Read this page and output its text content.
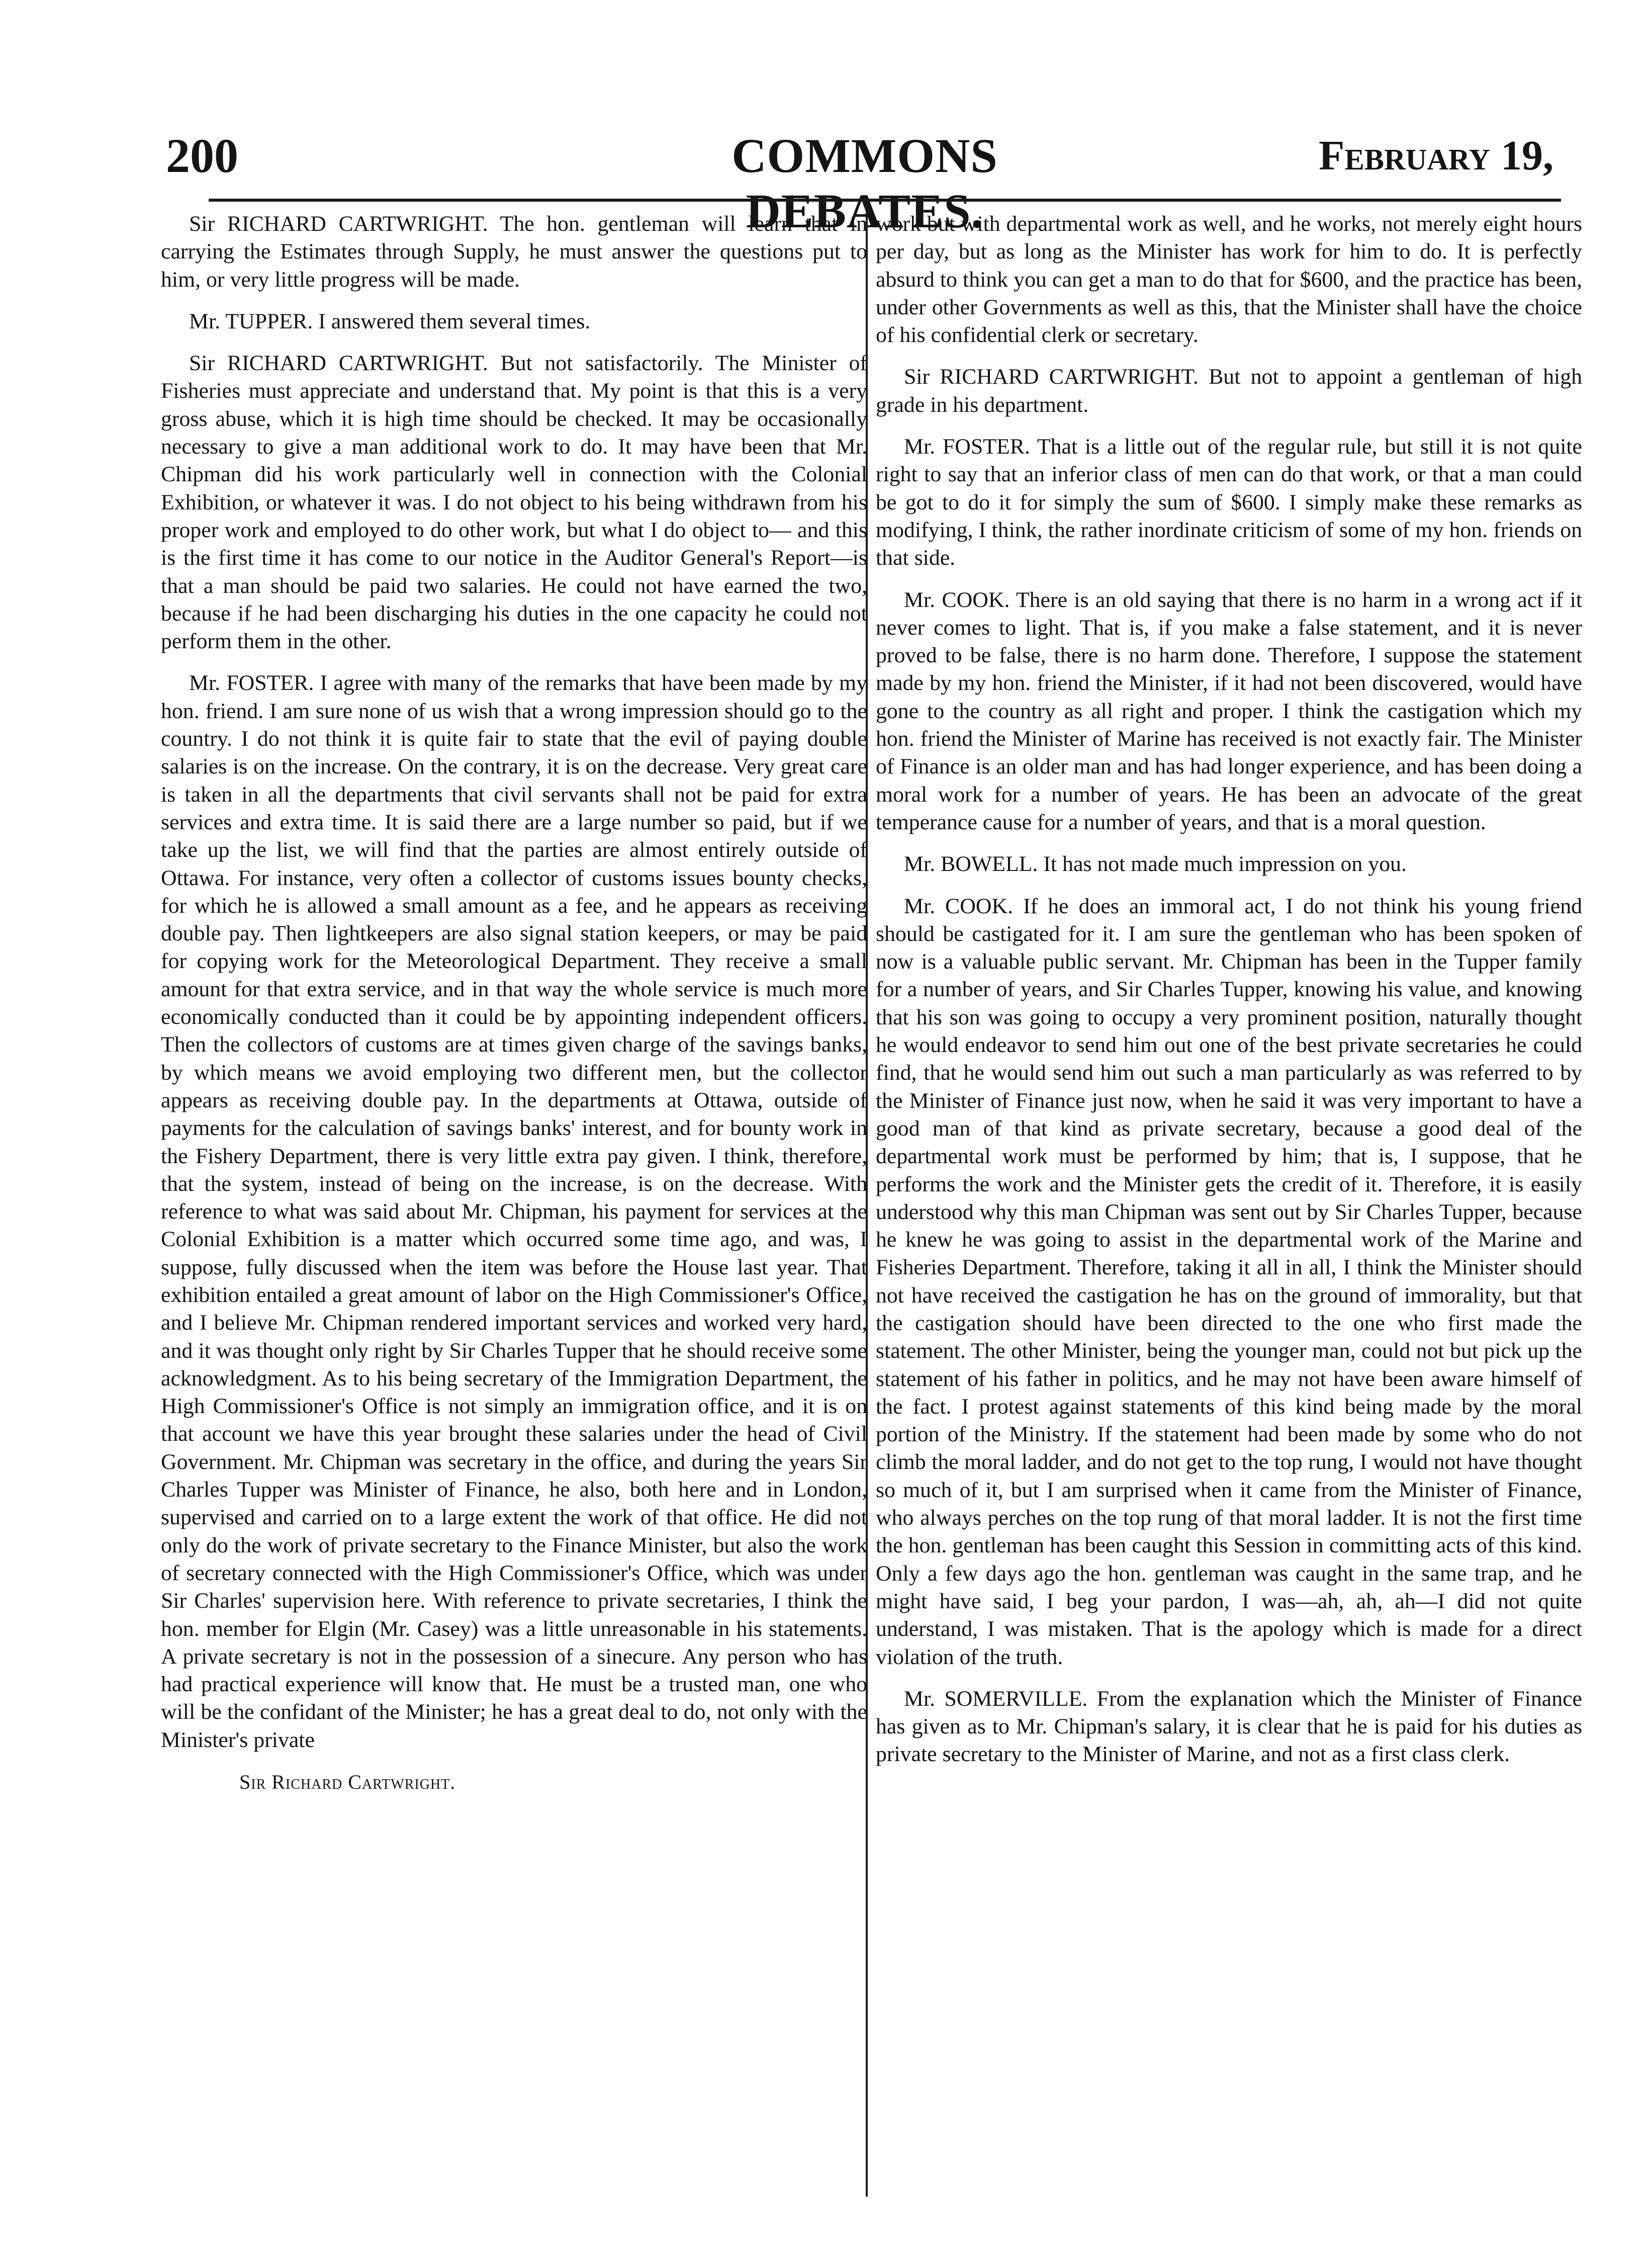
200	COMMONS DEBATES.
February 19,

Sir RICHARD CARTWRIGHT. The hon. gentleman will learn that in carrying the Estimates through Supply, he must answer the questions put to him, or very little progress will be made.

Mr. TUPPER. I answered them several times.

Sir RICHARD CARTWRIGHT. But not satisfactorily. The Minister of Fisheries must appreciate and understand that. My point is that this is a very gross abuse, which it is high time should be checked. It may be occasionally necessary to give a man additional work to do. It may have been that Mr. Chipman did his work particularly well in connection with the Colonial Exhibition, or whatever it was. I do not object to his being withdrawn from his proper work and employed to do other work, but what I do object to— and this is the first time it has come to our notice in the Auditor General's Report—is that a man should be paid two salaries. He could not have earned the two, because if he had been discharging his duties in the one capacity he could not perform them in the other.

Mr. FOSTER. I agree with many of the remarks that have been made by my hon. friend. I am sure none of us wish that a wrong impression should go to the country. I do not think it is quite fair to state that the evil of paying double salaries is on the increase. On the contrary, it is on the decrease. Very great care is taken in all the departments that civil servants shall not be paid for extra services and extra time. It is said there are a large number so paid, but if we take up the list, we will find that the parties are almost entirely outside of Ottawa. For instance, very often a collector of customs issues bounty checks, for which he is allowed a small amount as a fee, and he appears as receiving double pay. Then lightkeepers are also signal station keepers, or may be paid for copying work for the Meteorological Department. They receive a small amount for that extra service, and in that way the whole service is much more economically conducted than it could be by appointing independent officers. Then the collectors of customs are at times given charge of the savings banks, by which means we avoid employing two different men, but the collector appears as receiving double pay. In the departments at Ottawa, outside of payments for the calculation of savings banks' interest, and for bounty work in the Fishery Department, there is very little extra pay given. I think, therefore, that the system, instead of being on the increase, is on the decrease. With reference to what was said about Mr. Chipman, his payment for services at the Colonial Exhibition is a matter which occurred some time ago, and was, I suppose, fully discussed when the item was before the House last year. That exhibition entailed a great amount of labor on the High Commissioner's Office, and I believe Mr. Chipman rendered important services and worked very hard, and it was thought only right by Sir Charles Tupper that he should receive some acknowledgment. As to his being secretary of the Immigration Department, the High Commissioner's Office is not simply an immigration office, and it is on that account we have this year brought these salaries under the head of Civil Government. Mr. Chipman was secretary in the office, and during the years Sir Charles Tupper was Minister of Finance, he also, both here and in London, supervised and carried on to a large extent the work of that office. He did not only do the work of private secretary to the Finance Minister, but also the work of secretary connected with the High Commissioner's Office, which was under Sir Charles' supervision here. With reference to private secretaries, I think the hon. member for Elgin (Mr. Casey) was a little unreasonable in his statements. A private secretary is not in the possession of a sinecure. Any person who has had practical experience will know that. He must be a trusted man, one who will be the confidant of the Minister; he has a great deal to do, not only with the Minister's private

Sir Richard Cartwright.

work but with departmental work as well, and he works, not merely eight hours per day, but as long as the Minister has work for him to do. It is perfectly absurd to think you can get a man to do that for $600, and the practice has been, under other Governments as well as this, that the Minister shall have the choice of his confidential clerk or secretary.

Sir RICHARD CARTWRIGHT. But not to appoint a gentleman of high grade in his department.

Mr. FOSTER. That is a little out of the regular rule, but still it is not quite right to say that an inferior class of men can do that work, or that a man could be got to do it for simply the sum of $600. I simply make these remarks as modifying, I think, the rather inordinate criticism of some of my hon. friends on that side.

Mr. COOK. There is an old saying that there is no harm in a wrong act if it never comes to light. That is, if you make a false statement, and it is never proved to be false, there is no harm done. Therefore, I suppose the statement made by my hon. friend the Minister, if it had not been discovered, would have gone to the country as all right and proper. I think the castigation which my hon. friend the Minister of Marine has received is not exactly fair. The Minister of Finance is an older man and has had longer experience, and has been doing a moral work for a number of years. He has been an advocate of the great temperance cause for a number of years, and that is a moral question.

Mr. BOWELL. It has not made much impression on you.

Mr. COOK. If he does an immoral act, I do not think his young friend should be castigated for it. I am sure the gentleman who has been spoken of now is a valuable public servant. Mr. Chipman has been in the Tupper family for a number of years, and Sir Charles Tupper, knowing his value, and knowing that his son was going to occupy a very prominent position, naturally thought he would endeavor to send him out one of the best private secretaries he could find, that he would send him out such a man particularly as was referred to by the Minister of Finance just now, when he said it was very important to have a good man of that kind as private secretary, because a good deal of the departmental work must be performed by him; that is, I suppose, that he performs the work and the Minister gets the credit of it. Therefore, it is easily understood why this man Chipman was sent out by Sir Charles Tupper, because he knew he was going to assist in the departmental work of the Marine and Fisheries Department. Therefore, taking it all in all, I think the Minister should not have received the castigation he has on the ground of immorality, but that the castigation should have been directed to the one who first made the statement. The other Minister, being the younger man, could not but pick up the statement of his father in politics, and he may not have been aware himself of the fact. I protest against statements of this kind being made by the moral portion of the Ministry. If the statement had been made by some who do not climb the moral ladder, and do not get to the top rung, I would not have thought so much of it, but I am surprised when it came from the Minister of Finance, who always perches on the top rung of that moral ladder. It is not the first time the hon. gentleman has been caught this Session in committing acts of this kind. Only a few days ago the hon. gentleman was caught in the same trap, and he might have said, I beg your pardon, I was—ah, ah, ah—I did not quite understand, I was mistaken. That is the apology which is made for a direct violation of the truth.

Mr. SOMERVILLE. From the explanation which the Minister of Finance has given as to Mr. Chipman's salary, it is clear that he is paid for his duties as private secretary to the Minister of Marine, and not as a first class clerk.
